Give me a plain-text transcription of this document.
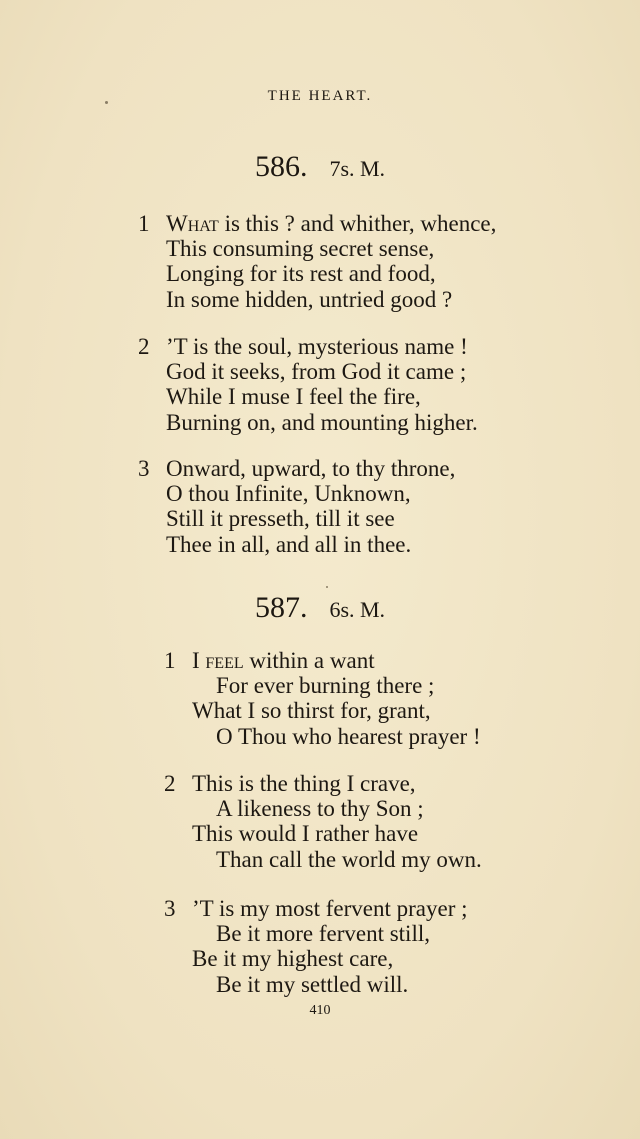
THE HEART.
586. 7s. M.
1 What is this ? and whither, whence,
This consuming secret sense,
Longing for its rest and food,
In some hidden, untried good ?
2 ’T is the soul, mysterious name !
God it seeks, from God it came ;
While I muse I feel the fire,
Burning on, and mounting higher.
3 Onward, upward, to thy throne,
O thou Infinite, Unknown,
Still it presseth, till it see
Thee in all, and all in thee.
587. 6s. M.
1 I feel within a want
For ever burning there ;
What I so thirst for, grant,
O Thou who hearest prayer !
2 This is the thing I crave,
A likeness to thy Son ;
This would I rather have
Than call the world my own.
3 ’T is my most fervent prayer ;
Be it more fervent still,
Be it my highest care,
Be it my settled will.
410
